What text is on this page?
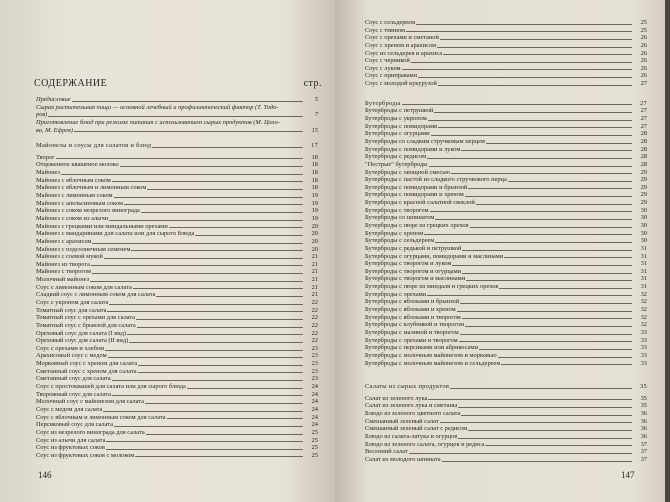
СОДЕРЖАНИЕ	стр.
Предисловие	5
Сырая растительная пища — основной лечебный и профилактический фактор (Т. Тодо-
ров)	7
Приготовление блюд при режиме питания с использованием сырых продуктов (М. Цоло-
ва, М. Ефрев)	15
Майонезы и соусы для салатов и блюд	17
Творог	18
Отцеженное квашеное молоко	18
Майонез	18
Майонез с яблочным соком	18
Майонез с яблочным и лимонным соком	18
Майонез с лимонным соком	19
Майонез с апельсиновым соком	19
Майонез с соком незрелого винограда	19
Майонез с соком из алычи	19
Майонез с грецкими или миндальными орехами	20
Майонез с мандаринами для салата или для сырого блюда	20
Майонез с арахисом	20
Майонез с подсолнечным семенем	20
Майонез с соевой мукой	21
Майонез из творога	21
Майонез с творогом	21
Молочный майонез	21
Соус с лимонным соком для салата	21
Сладкий соус с лимонным соком для салата	21
Соус с укропом для салата	22
Томатный соус для салата	22
Томатный соус с орехами для салата	22
Томатный соус с брынзой для салата	22
Ореховый соус для салата (I вид)	22
Ореховый соус для салата (II вид)	22
Соус с орехами и хлебом	23
Арахисовый соус с медом	23
Морковный соус с хреном для салата	23
Сметанный соус с хреном для салата	23
Сметанный соус для салата	23
Соус с простоквашей для салата или для сырого блюда	24
Творожный соус для салата	24
Молочный соус с майонезом для салата	24
Соус с медом для салата	24
Соус с яблочным и лимонным соком для салата	24
Персиковый соус для салата	24
Соус из незрелого винограда для салата	25
Соус из алычи для салата	25
Соус из фруктовых соков	25
Соус из фруктовых соков с молоком	25
146
Соус с сельдереем	25
Соус с тмином	25
Соус с орехами и сметаной	26
Соус с хреном и арахисом	26
Соус из сельдерея и арахиса	26
Соус с черникой	26
Соус с луком	26
Соус с приправами	26
Соус с молодой кукурузой	27
Бутерброды	27
Бутерброды с петрушкой	27
Бутерброды с укропом	27
Бутерброды с помидорами	27
Бутерброды с огурцами	28
Бутерброды со сладким стручковым перцем	28
Бутерброды с помидорами и луком	28
Бутерброды с редисом	28
"Пестрые" бутерброды	28
Бутерброды с овощной смесью	29
Бутерброды с пастой из сладкого стручкового перца	29
Бутерброды с помидорами и брынзой	29
Бутерброды с помидорами и хреном	29
Бутерброды с красной салатной свеклой	29
Бутерброды с творогом	30
Бутерброды со шпинатом	30
Бутерброды с пюре из грецких орехов	30
Бутерброды с хреном	30
Бутерброды с сельдереем	30
Бутерброды с редькой и петрушкой	31
Бутерброды с огурцами, помидорами и маслинами	31
Бутерброды с творогом и луком	31
Бутерброды с творогом и огурцами	31
Бутерброды с творогом и маслинами	31
Бутерброды с пюре из миндаля и грецких орехов	31
Бутерброды с орехами	32
Бутерброды с яблоками и брынзой	32
Бутерброды с яблоками и хреном	32
Бутерброды с яблоками и творогом	32
Бутерброды с клубникой и творогом	32
Бутерброды с малиной и творогом	33
Бутерброды с орехами и творогом	33
Бутерброды с персиками или абрикосами	33
Бутерброды с молочным майонезом и морковью	33
Бутерброды с молочным майонезом и сельдереем	33
Салаты из сырых продуктов	35
Салат из зеленого лука	35
Салат из зеленого лука и сметаны	35
Блюдо из зеленого цветного салата	36
Смешанный зеленый салат	36
Смешанный зеленый салат с редисом	36
Блюдо из салата-латука и огурцов	36
Блюдо из зеленого салата, огурцов и редиса	37
Весенний салат	37
Салат из молодого шпината	37
147
